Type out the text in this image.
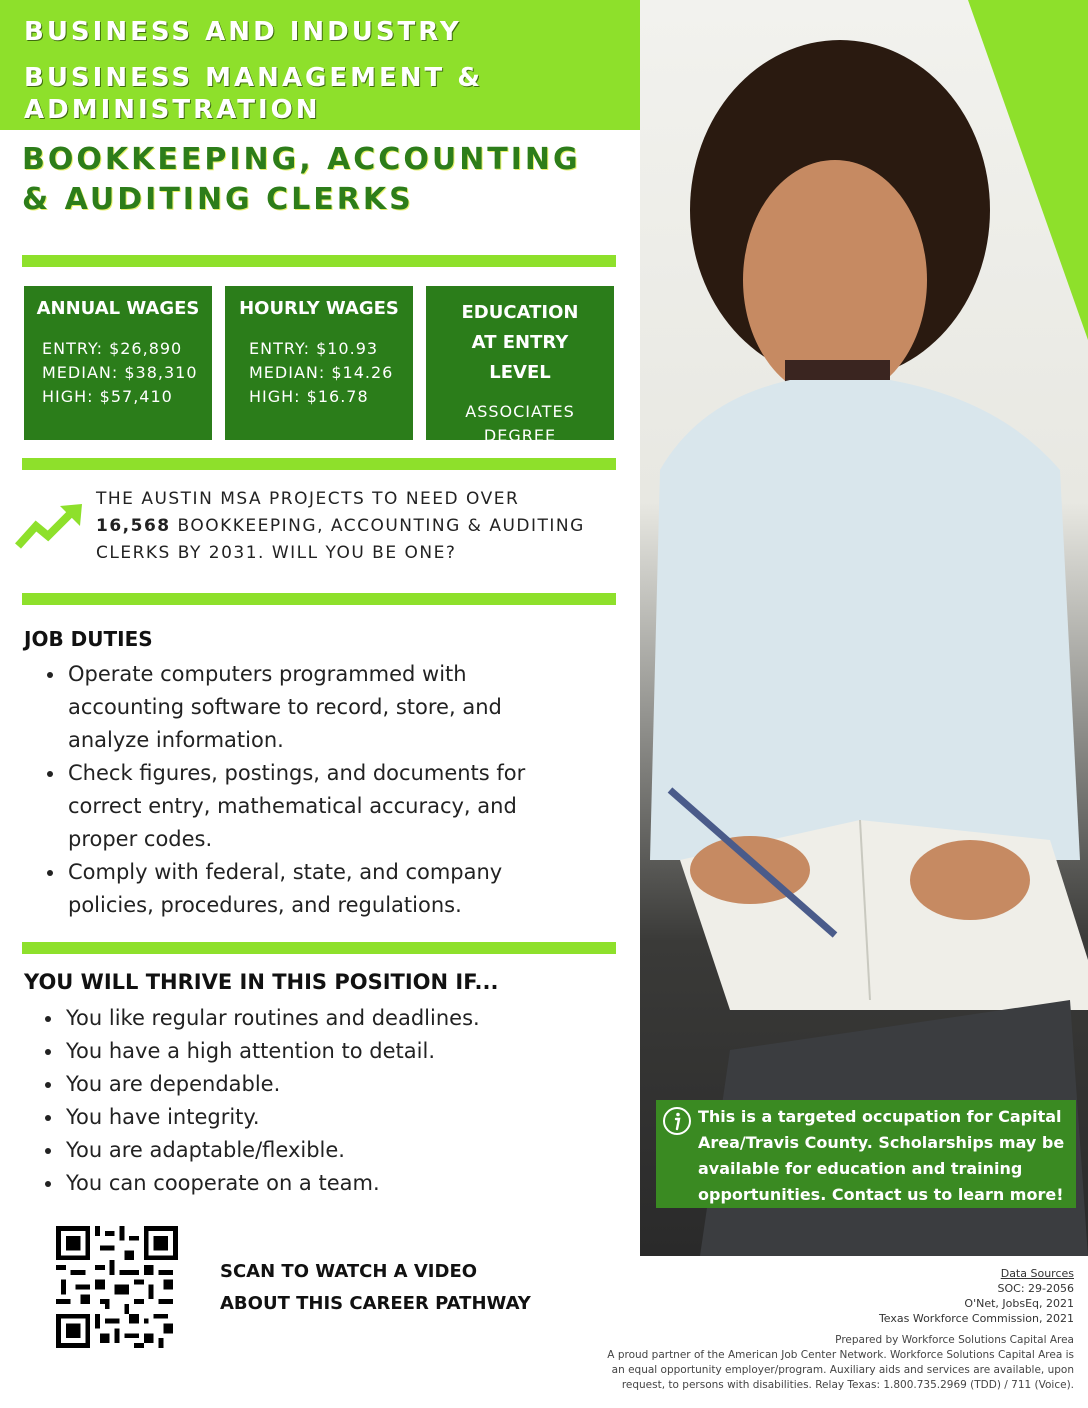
BUSINESS AND INDUSTRY
BUSINESS MANAGEMENT & ADMINISTRATION
BOOKKEEPING, ACCOUNTING & AUDITING CLERKS
ANNUAL WAGES
ENTRY: $26,890
MEDIAN: $38,310
HIGH: $57,410
HOURLY WAGES
ENTRY: $10.93
MEDIAN: $14.26
HIGH: $16.78
EDUCATION AT ENTRY LEVEL
ASSOCIATES DEGREE
THE AUSTIN MSA PROJECTS TO NEED OVER
16,568 BOOKKEEPING, ACCOUNTING & AUDITING CLERKS BY 2031. WILL YOU BE ONE?
JOB DUTIES
• Operate computers programmed with accounting software to record, store, and analyze information.
• Check figures, postings, and documents for correct entry, mathematical accuracy, and proper codes.
• Comply with federal, state, and company policies, procedures, and regulations.
YOU WILL THRIVE IN THIS POSITION IF...
• You like regular routines and deadlines.
• You have a high attention to detail.
• You are dependable.
• You have integrity.
• You are adaptable/flexible.
• You can cooperate on a team.
SCAN TO WATCH A VIDEO
ABOUT THIS CAREER PATHWAY
This is a targeted occupation for Capital Area/Travis County. Scholarships may be available for education and training opportunities. Contact us to learn more!
Data Sources
SOC: 29-2056
O'Net, JobsEq, 2021
Texas Workforce Commission, 2021
Prepared by Workforce Solutions Capital Area
A proud partner of the American Job Center Network. Workforce Solutions Capital Area is an equal opportunity employer/program. Auxiliary aids and services are available, upon request, to persons with disabilities. Relay Texas: 1.800.735.2969 (TDD) / 711 (Voice).
